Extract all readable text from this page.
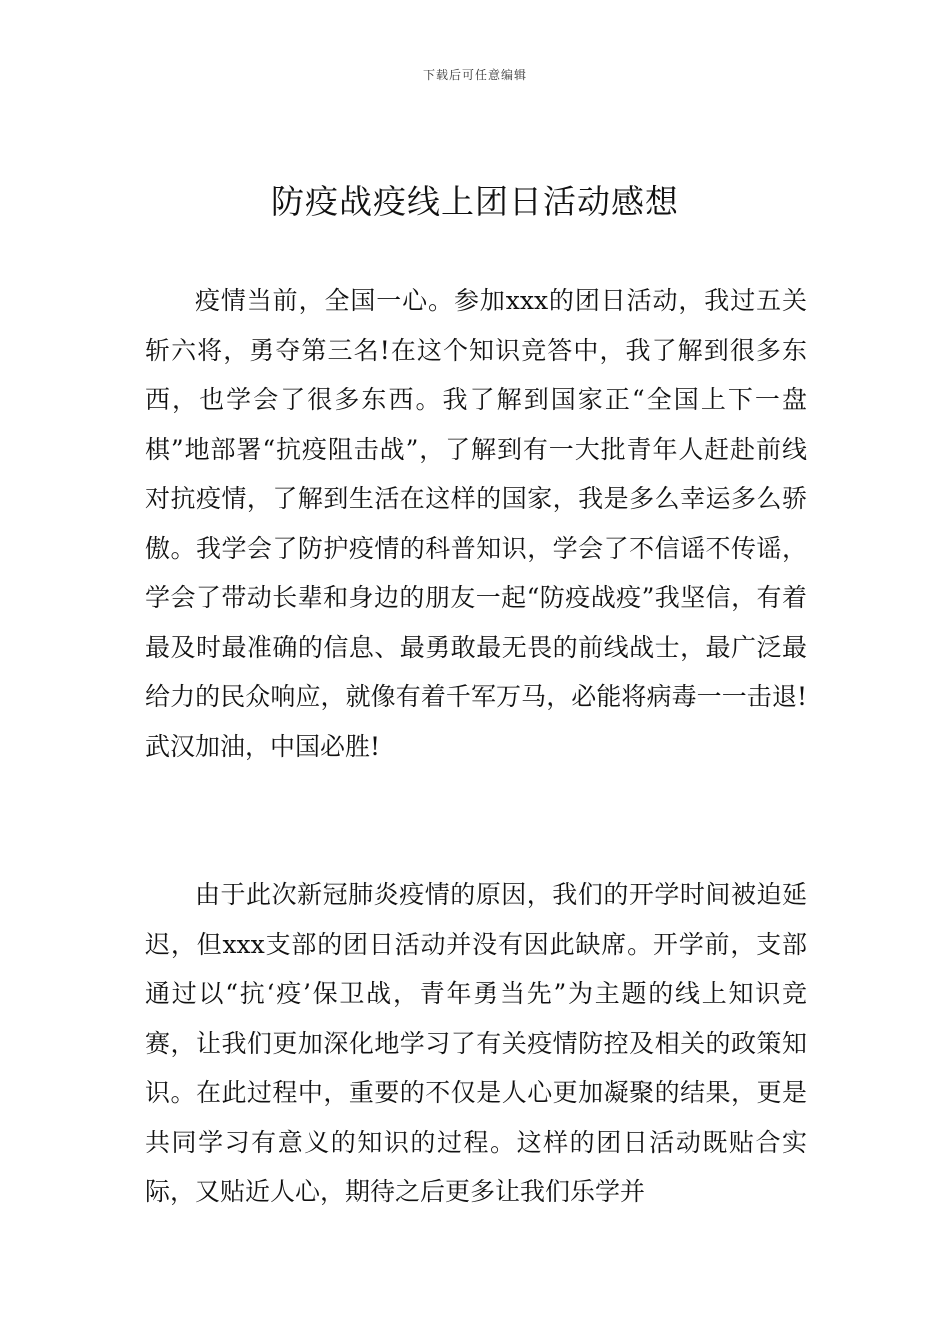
下载后可任意编辑
防疫战疫线上团日活动感想

疫情当前，全国一心。参加xxx的团日活动，我过五关斩六将，勇夺第三名!在这个知识竞答中，我了解到很多东西，也学会了很多东西。我了解到国家正“全国上下一盘棋”地部署“抗疫阻击战”，了解到有一大批青年人赶赴前线对抗疫情，了解到生活在这样的国家，我是多么幸运多么骄傲。我学会了防护疫情的科普知识，学会了不信谣不传谣，学会了带动长辈和身边的朋友一起“防疫战疫”我坚信，有着最及时最准确的信息、最勇敢最无畏的前线战士，最广泛最给力的民众响应，就像有着千军万马，必能将病毒一一击退!武汉加油，中国必胜!

由于此次新冠肺炎疫情的原因，我们的开学时间被迫延迟，但xxx支部的团日活动并没有因此缺席。开学前，支部通过以“抗‘疫’保卫战，青年勇当先”为主题的线上知识竞赛，让我们更加深化地学习了有关疫情防控及相关的政策知识。在此过程中，重要的不仅是人心更加凝聚的结果，更是共同学习有意义的知识的过程。这样的团日活动既贴合实际，又贴近人心，期待之后更多让我们乐学并
